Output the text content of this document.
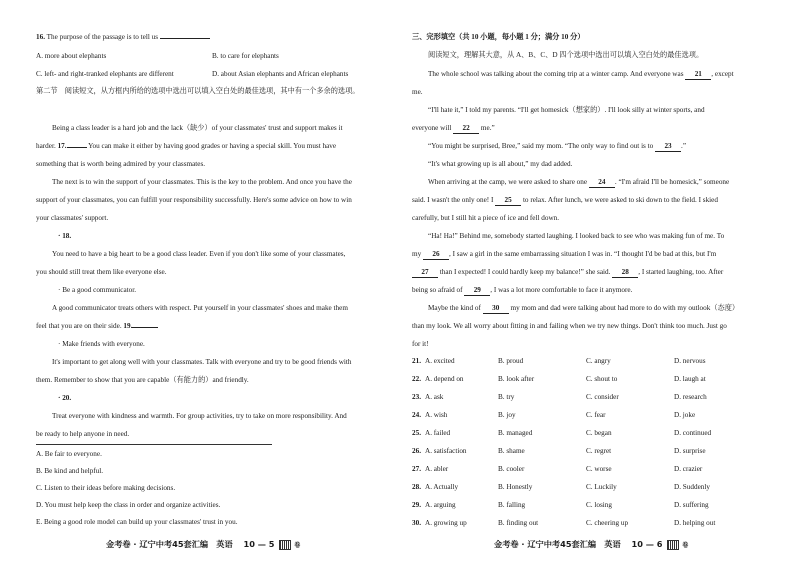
16. The purpose of the passage is to tell us
A. more about elephants	B. to care for elephants
C. left- and right-tranked elephants are different	D. about Asian elephants and African elephants
第二节　阅读短文，从方框内所给的选项中选出可以填入空白处的最佳选项，其中有一个多余的选项。
Being a class leader is a hard job and the lack（缺少）of your classmates' trust and support makes it
harder. 17.	You can make it either by having good grades or having a special skill. You must have
something that is worth being admired by your classmates.
The next is to win the support of your classmates. This is the key to the problem. And once you have the
support of your classmates, you can fulfill your responsibility successfully. Here's some advice on how to win
your classmates' support.
· 18.
You need to have a big heart to be a good class leader. Even if you don't like some of your classmates,
you should still treat them like everyone else.
· Be a good communicator.
A good communicator treats others with respect. Put yourself in your classmates' shoes and make them
feel that you are on their side. 19.
· Make friends with everyone.
It's important to get along well with your classmates. Talk with everyone and try to be good friends with
them. Remember to show that you are capable（有能力的）and friendly.
· 20.
Treat everyone with kindness and warmth. For group activities, try to take on more responsibility. And
be ready to help anyone in need.
A. Be fair to everyone.
B. Be kind and helpful.
C. Listen to their ideas before making decisions.
D. You must help keep the class in order and organize activities.
E. Being a good role model can build up your classmates' trust in you.
金考卷 · 辽宁中考45套汇编　英语 10 — 5	卷
三、完形填空（共 10 小题，每小题 1 分；满分 10 分）
阅读短文，理解其大意，从 A、B、C、D 四个选项中选出可以填入空白处的最佳选项。
The whole school was talking about the coming trip at a winter camp. And everyone was 21 , except
me.
“I'll hate it,” I told my parents. “I'll get homesick（想家的）. I'll look silly at winter sports, and
everyone will 22 me.”
“You might be surprised, Bree,” said my mom. “The only way to find out is to 23 .”
“It's what growing up is all about,” my dad added.
When arriving at the camp, we were asked to share one 24 . “I'm afraid I'll be homesick,” someone
said. I wasn't the only one! I 25 to relax. After lunch, we were asked to ski down to the field. I skied
carefully, but I still hit a piece of ice and fell down.
“Ha! Ha!” Behind me, somebody started laughing. I looked back to see who was making fun of me. To
my 26 , I saw a girl in the same embarrassing situation I was in. “I thought I'd be bad at this, but I'm
27 than I expected! I could hardly keep my balance!” she said. 28 , I started laughing, too. After
being so afraid of 29 , I was a lot more comfortable to face it anymore.
Maybe the kind of 30 my mom and dad were talking about had more to do with my outlook（态度）
than my look. We all worry about fitting in and failing when we try new things. Don't think too much. Just go
for it!
21. A. excited	B. proud	C. angry	D. nervous
22. A. depend on	B. look after	C. shout to	D. laugh at
23. A. ask	B. try	C. consider	D. research
24. A. wish	B. joy	C. fear	D. joke
25. A. failed	B. managed	C. began	D. continued
26. A. satisfaction	B. shame	C. regret	D. surprise
27. A. abler	B. cooler	C. worse	D. crazier
28. A. Actually	B. Honestly	C. Luckily	D. Suddenly
29. A. arguing	B. falling	C. losing	D. suffering
30. A. growing up	B. finding out	C. cheering up	D. helping out
金考卷 · 辽宁中考45套汇编　英语 10 — 6	卷
